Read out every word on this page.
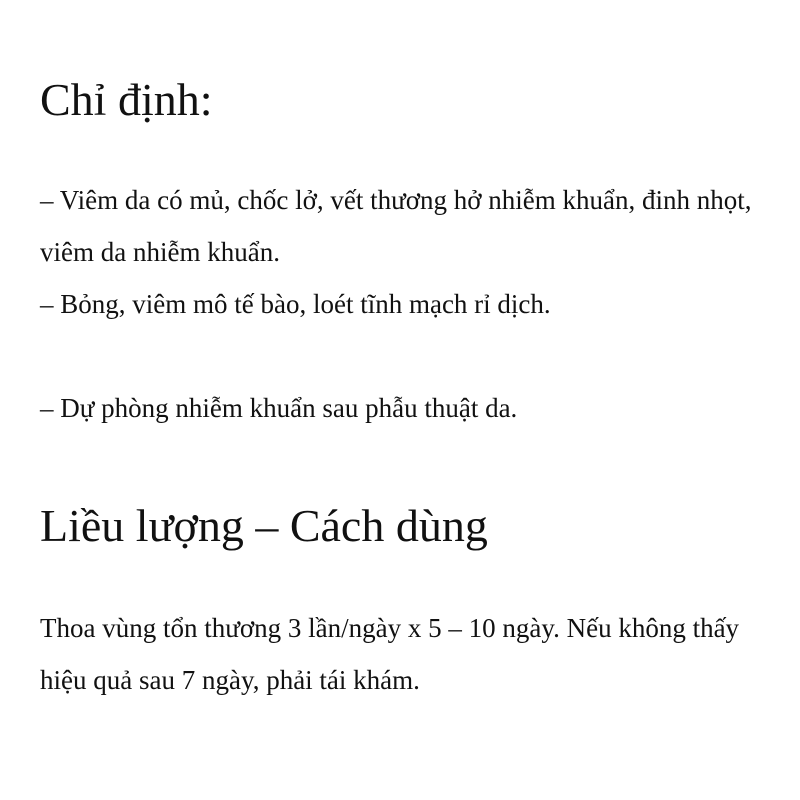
Chỉ định:

– Viêm da có mủ, chốc lở, vết thương hở nhiễm khuẩn, đinh nhọt, viêm da nhiễm khuẩn.

– Bỏng, viêm mô tế bào, loét tĩnh mạch rỉ dịch.

– Dự phòng nhiễm khuẩn sau phẫu thuật da.

Liều lượng – Cách dùng

Thoa vùng tổn thương 3 lần/ngày x 5 – 10 ngày. Nếu không thấy hiệu quả sau 7 ngày, phải tái khám.
